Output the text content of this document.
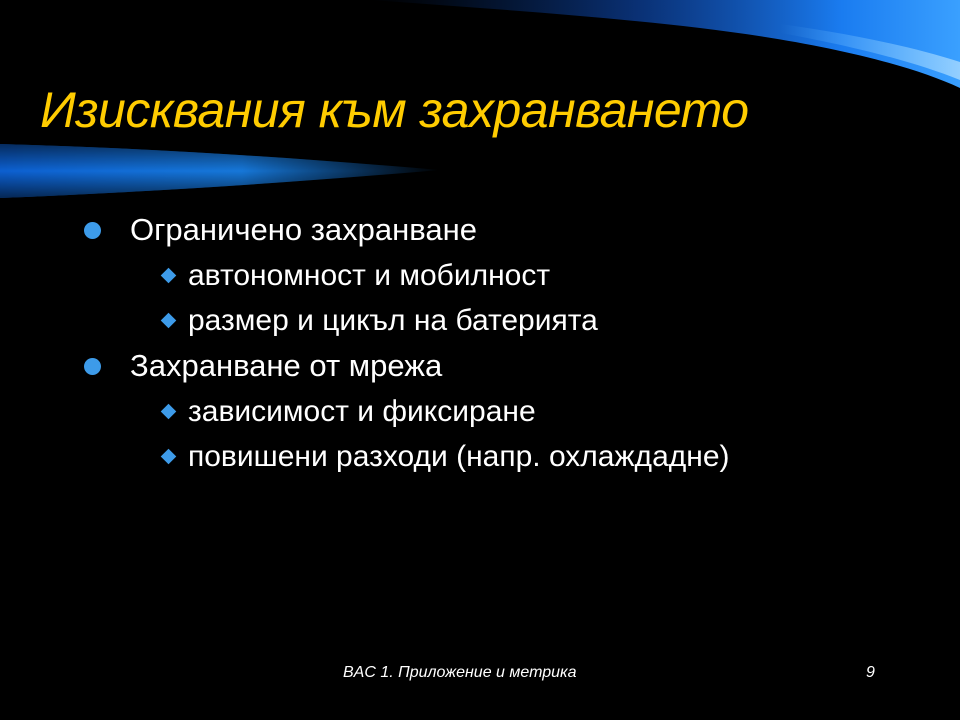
Изисквания към захранването
Ограничено захранване
автономност и мобилност
размер и цикъл на батерията
Захранване от мрежа
зависимост и фиксиране
повишени разходи (напр. охлаждадне)
BAC 1. Приложение и метрика	9
